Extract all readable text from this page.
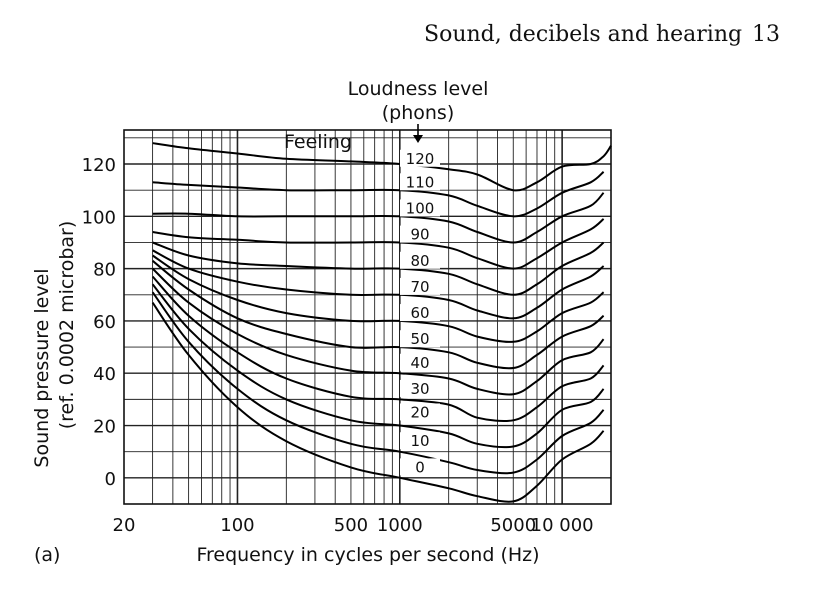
Sound, decibels and hearing 13
0
20
40
60
80
100
120
20	100	500 1000	5000
10 000
0
10
20
30
40
50
60
70
80
90
100
110
120
Loudness level
(phons)
Feeling
Frequency in cycles per second (Hz)
Sound pressure level (ref. 0.0002 microbar)
(a)
